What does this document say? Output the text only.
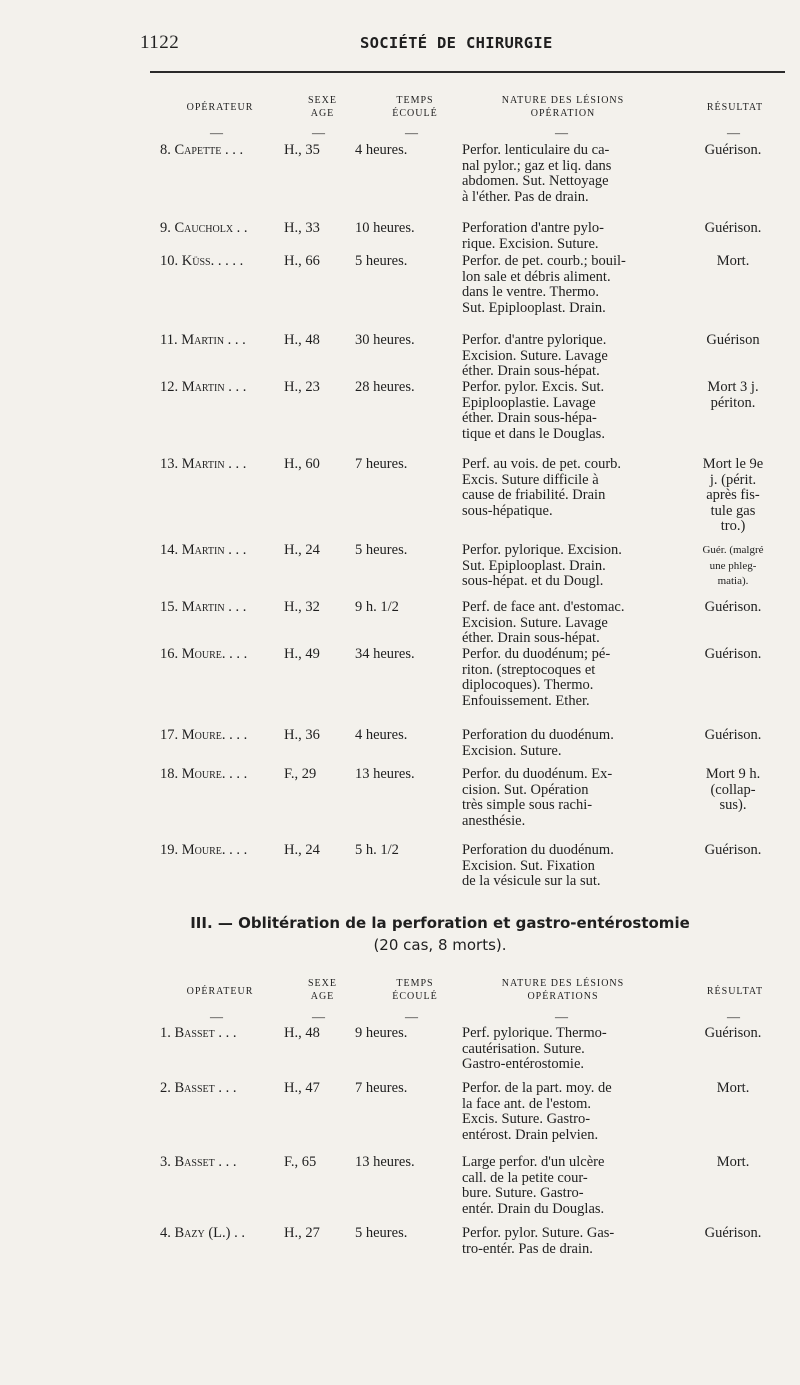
1122	SOCIÉTÉ DE CHIRURGIE
OPÉRATEUR
SEXE
AGE
TEMPS
ÉCOULÉ
NATURE DES LÉSIONS
OPÉRATION
RÉSULTAT
—	—	—	—	—
8. Capette . . .	H., 35 4 heures.	Perfor. lenticulaire du ca-
nal pylor.; gaz et liq. dans
abdomen. Sut. Nettoyage
à l'éther. Pas de drain.
Guérison.
9. Caucholx . .	H., 33 10 heures.	Perforation d'antre pylo-
rique. Excision. Suture.
Guérison.
10. Küss. . . . .	H., 66 5 heures.	Perfor. de pet. courb.; bouil-
lon sale et débris aliment.
dans le ventre. Thermo.
Sut. Epiplooplast. Drain.
Mort.
11. Martin . . .	H., 48 30 heures.	Perfor. d'antre pylorique.
Excision. Suture. Lavage
éther. Drain sous-hépat.
Guérison
12. Martin . . .	H., 23 28 heures.	Perfor. pylor. Excis. Sut.
Epiplooplastie. Lavage
éther. Drain sous-hépa-
tique et dans le Douglas.
Mort 3 j.
périton.
13. Martin . . .	H., 60 7 heures.	Perf. au vois. de pet. courb.
Excis. Suture difficile à
cause de friabilité. Drain
sous-hépatique.
Mort le 9e
j. (périt.
après fis-
tule gas
tro.)
14. Martin . . .	H., 24 5 heures.	Perfor. pylorique. Excision.
Sut. Epiplooplast. Drain.
sous-hépat. et du Dougl.
Guér. (malgré
une phleg-
matia).
15. Martin . . .	H., 32 9 h. 1/2	Perf. de face ant. d'estomac.
Excision. Suture. Lavage
éther. Drain sous-hépat.
Guérison.
16. Moure. . . .	H., 49 34 heures.	Perfor. du duodénum; pé-
riton. (streptocoques et
diplocoques). Thermo.
Enfouissement. Ether.
Guérison.
17. Moure. . . .	H., 36 4 heures.	Perforation du duodénum.
Excision. Suture.
Guérison.
18. Moure. . . .	F., 29	13 heures.	Perfor. du duodénum. Ex-
cision. Sut. Opération
très simple sous rachi-
anesthésie.
Mort 9 h.
(collap-
sus).
19. Moure. . . .	H., 24 5 h. 1/2	Perforation du duodénum.
Excision. Sut. Fixation
de la vésicule sur la sut.
Guérison.
III. — Oblitération de la perforation et gastro-entérostomie
(20 cas, 8 morts).
OPÉRATEUR
SEXE
AGE
TEMPS
ÉCOULÉ
NATURE DES LÉSIONS
OPÉRATIONS	RÉSULTAT
—	—	—	—	—
1. Basset . . .	H., 48 9 heures.	Perf. pylorique. Thermo-
cautérisation. Suture.
Gastro-entérostomie.
Guérison.
2. Basset . . .	H., 47 7 heures.	Perfor. de la part. moy. de
la face ant. de l'estom.
Excis. Suture. Gastro-
entérost. Drain pelvien.
Mort.
3. Basset . . .	F., 65	13 heures.	Large perfor. d'un ulcère
call. de la petite cour-
bure. Suture. Gastro-
entér. Drain du Douglas.
Mort.
4. Bazy (L.) . .	H., 27 5 heures.	Perfor. pylor. Suture. Gas-
tro-entér. Pas de drain.
Guérison.
